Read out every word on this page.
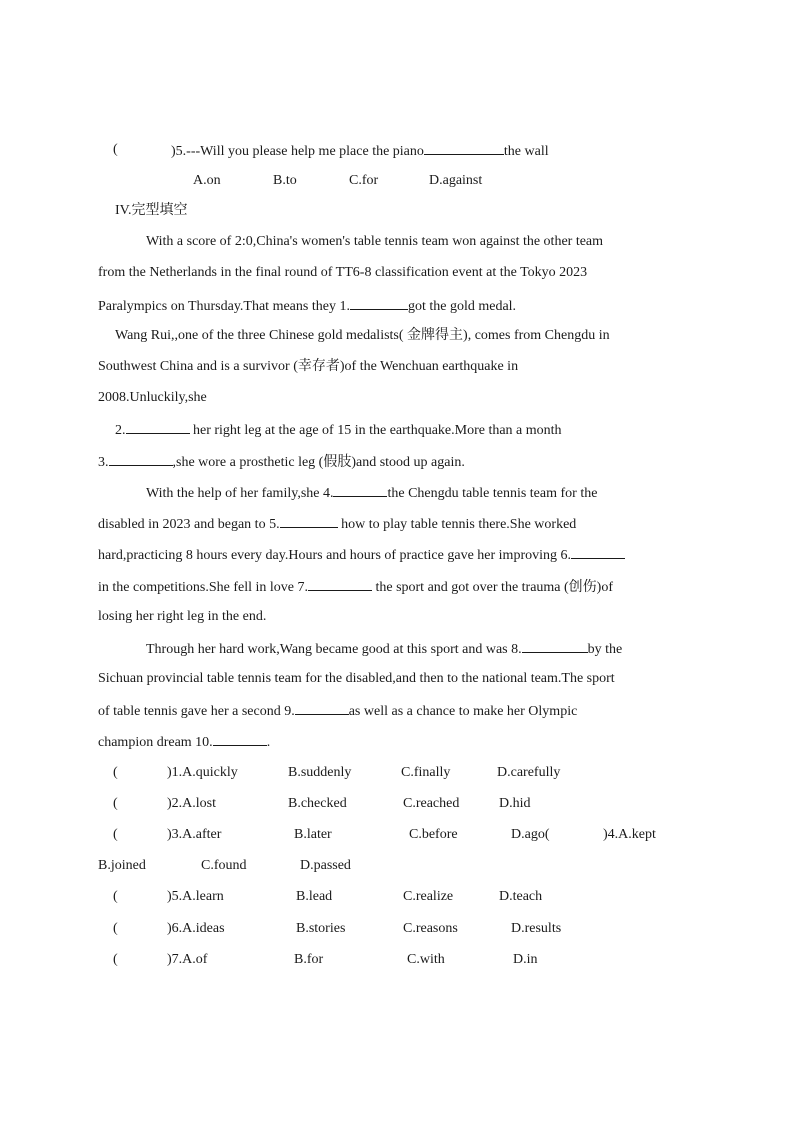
(	)5.---Will you please help me place the piano	the wall
A.on	B.to	C.for	D.against
IV.完型填空
With a score of 2:0,China's women's table tennis team won against the other team
from the Netherlands in the final round of TT6-8 classification event at the Tokyo 2023
Paralympics on Thursday.That means they 1.	got the gold medal.
Wang Rui,,one of the three Chinese gold medalists( 金牌得主), comes from Chengdu in
Southwest China and is a survivor (幸存者)of the Wenchuan earthquake in
2008.Unluckily,she
2.	her right leg at the age of 15 in the earthquake.More than a month
3.	,she wore a prosthetic leg (假肢)and stood up again.
With the help of her family,she 4.	the Chengdu table tennis team for the
disabled in 2023 and began to 5.	how to play table tennis there.She worked
hard,practicing 8 hours every day.Hours and hours of practice gave her improving 6.
in the competitions.She fell in love 7.	the sport and got over the trauma (创伤)of
losing her right leg in the end.
Through her hard work,Wang became good at this sport and was 8.	by the
Sichuan provincial table tennis team for the disabled,and then to the national team.The sport
of table tennis gave her a second 9.	as well as a chance to make her Olympic
champion dream 10.	.
(	)1.A.quickly	B.suddenly	C.finally	D.carefully
(	)2.A.lost	B.checked	C.reached	D.hid
(	)3.A.after	B.later	C.before	D.ago(	)4.A.kept
B.joined	C.found	D.passed
(	)5.A.learn	B.lead	C.realize	D.teach
(	)6.A.ideas	B.stories	C.reasons	D.results
(	)7.A.of	B.for	C.with	D.in
